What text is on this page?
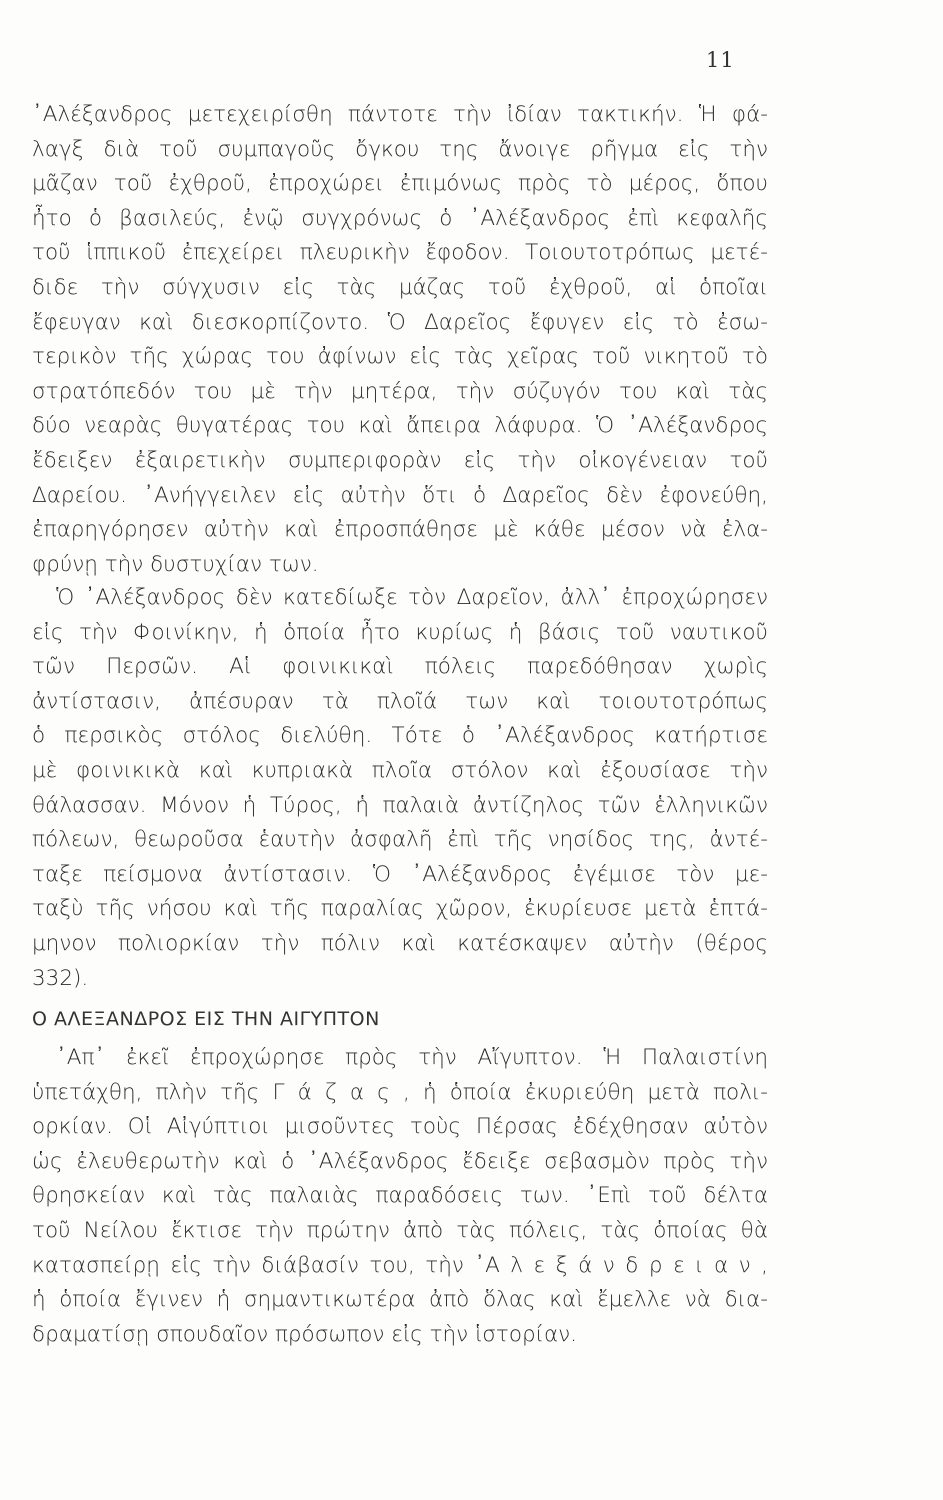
11
᾿Αλέξανδρος μετεχειρίσθη πάντοτε τὴν ἰδίαν τακτικήν. Ἡ φά-
λαγξ διὰ τοῦ συμπαγοῦς ὄγκου της ἄνοιγε ρῆγμα εἰς τὴν
μᾶζαν τοῦ ἐχθροῦ, ἐπροχώρει ἐπιμόνως πρὸς τὸ μέρος, ὅπου
ἦτο ὁ βασιλεύς, ἐνῷ συγχρόνως ὁ ᾿Αλέξανδρος ἐπὶ κεφαλῆς
τοῦ ἱππικοῦ ἐπεχείρει πλευρικὴν ἔφοδον. Τοιουτοτρόπως μετέ-
διδε τὴν σύγχυσιν εἰς τὰς μάζας τοῦ ἐχθροῦ, αἱ ὁποῖαι
ἔφευγαν καὶ διεσκορπίζοντο. Ὁ Δαρεῖος ἔφυγεν εἰς τὸ ἐσω-
τερικὸν τῆς χώρας του ἀφίνων εἰς τὰς χεῖρας τοῦ νικητοῦ τὸ
στρατόπεδόν του μὲ τὴν μητέρα, τὴν σύζυγόν του καὶ τὰς
δύο νεαρὰς θυγατέρας του καὶ ἄπειρα λάφυρα. Ὁ ᾿Αλέξανδρος
ἔδειξεν ἐξαιρετικὴν συμπεριφορὰν εἰς τὴν οἰκογένειαν τοῦ
Δαρείου. ᾿Ανήγγειλεν εἰς αὐτὴν ὅτι ὁ Δαρεῖος δὲν ἐφονεύθη,
ἐπαρηγόρησεν αὐτὴν καὶ ἐπροσπάθησε μὲ κάθε μέσον νὰ ἐλα-
φρύνῃ τὴν δυστυχίαν των.
Ὁ ᾿Αλέξανδρος δὲν κατεδίωξε τὸν Δαρεῖον, ἀλλ᾿ ἐπροχώρησεν
εἰς τὴν Φοινίκην, ἡ ὁποία ἦτο κυρίως ἡ βάσις τοῦ ναυτικοῦ
τῶν Περσῶν. Αἱ φοινικικαὶ πόλεις παρεδόθησαν χωρὶς
ἀντίστασιν, ἀπέσυραν τὰ πλοῖά των καὶ τοιουτοτρόπως
ὁ περσικὸς στόλος διελύθη. Τότε ὁ ᾿Αλέξανδρος κατήρτισε
μὲ φοινικικὰ καὶ κυπριακὰ πλοῖα στόλον καὶ ἐξουσίασε τὴν
θάλασσαν. Μόνον ἡ Τύρος, ἡ παλαιὰ ἀντίζηλος τῶν ἑλληνικῶν
πόλεων, θεωροῦσα ἑαυτὴν ἀσφαλῆ ἐπὶ τῆς νησίδος της, ἀντέ-
ταξε πείσμονα ἀντίστασιν. Ὁ ᾿Αλέξανδρος ἐγέμισε τὸν με-
ταξὺ τῆς νήσου καὶ τῆς παραλίας χῶρον, ἐκυρίευσε μετὰ ἑπτά-
μηνον πολιορκίαν τὴν πόλιν καὶ κατέσκαψεν αὐτὴν (θέρος
332).
Ο ΑΛΕΞΑΝΔΡΟΣ ΕΙΣ ΤΗΝ ΑΙΓΥΠΤΟΝ
᾿Απ᾿ ἐκεῖ ἐπροχώρησε πρὸς τὴν Αἴγυπτον. Ἡ Παλαιστίνη
ὑπετάχθη, πλὴν τῆς Γ ά ζ α ς , ἡ ὁποία ἐκυριεύθη μετὰ πολι-
ορκίαν. Οἱ Αἰγύπτιοι μισοῦντες τοὺς Πέρσας ἐδέχθησαν αὐτὸν
ὡς ἐλευθερωτὴν καὶ ὁ ᾿Αλέξανδρος ἔδειξε σεβασμὸν πρὸς τὴν
θρησκείαν καὶ τὰς παλαιὰς παραδόσεις των. ᾿Επὶ τοῦ δέλτα
τοῦ Νείλου ἔκτισε τὴν πρώτην ἀπὸ τὰς πόλεις, τὰς ὁποίας θὰ
κατασπείρῃ εἰς τὴν διάβασίν του, τὴν ᾿Α λ ε ξ ά ν δ ρ ε ι α ν ,
ἡ ὁποία ἔγινεν ἡ σημαντικωτέρα ἀπὸ ὅλας καὶ ἔμελλε νὰ δια-
δραματίσῃ σπουδαῖον πρόσωπον εἰς τὴν ἱστορίαν.
